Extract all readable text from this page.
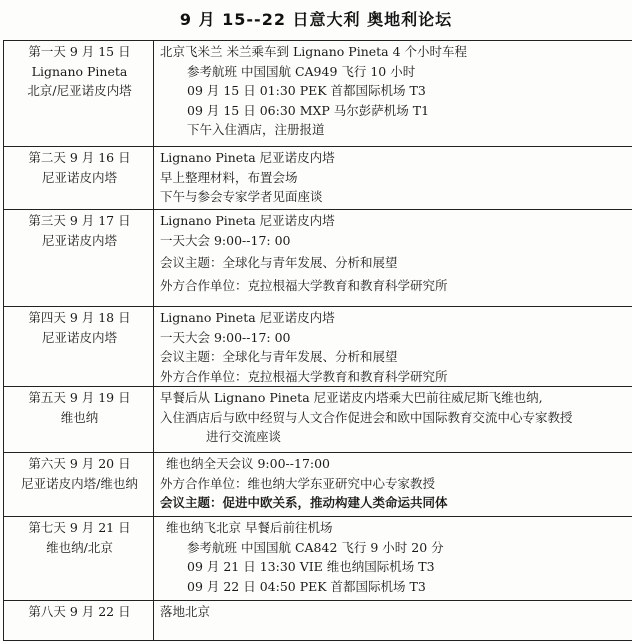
9 月 15--22 日意大利 奥地利论坛
第一天 9 月 15 日
Lignano Pineta
北京/尼亚诺皮内塔	北京飞米兰 米兰乘车到 Lignano Pineta 4 个小时车程
参考航班 中国国航 CA949 飞行 10 小时
09 月 15 日 01:30 PEK 首都国际机场 T3
09 月 15 日 06:30 MXP 马尔彭萨机场 T1
下午入住酒店，注册报道

第二天 9 月 16 日
尼亚诺皮内塔	Lignano Pineta 尼亚诺皮内塔
早上整理材料，布置会场
下午与参会专家学者见面座谈

第三天 9 月 17 日
尼亚诺皮内塔	Lignano Pineta 尼亚诺皮内塔
一天大会 9:00--17: 00
会议主题：全球化与青年发展、分析和展望
外方合作单位：克拉根福大学教育和教育科学研究所

第四天 9 月 18 日
尼亚诺皮内塔	Lignano Pineta 尼亚诺皮内塔
一天大会 9:00--17: 00
会议主题：全球化与青年发展、分析和展望
外方合作单位：克拉根福大学教育和教育科学研究所

第五天 9 月 19 日
维也纳	早餐后从 Lignano Pineta 尼亚诺皮内塔乘大巴前往威尼斯飞维也纳,
入住酒店后与欧中经贸与人文合作促进会和欧中国际教育交流中心专家教授
进行交流座谈

第六天 9 月 20 日
尼亚诺皮内塔/维也纳	维也纳全天会议 9:00--17:00
外方合作单位：维也纳大学东亚研究中心专家教授
会议主题：促进中欧关系，推动构建人类命运共同体

第七天 9 月 21 日
维也纳/北京	维也纳飞北京 早餐后前往机场
参考航班 中国国航 CA842 飞行 9 小时 20 分
09 月 21 日 13:30 VIE 维也纳国际机场 T3
09 月 22 日 04:50 PEK 首都国际机场 T3

第八天 9 月 22 日	落地北京
